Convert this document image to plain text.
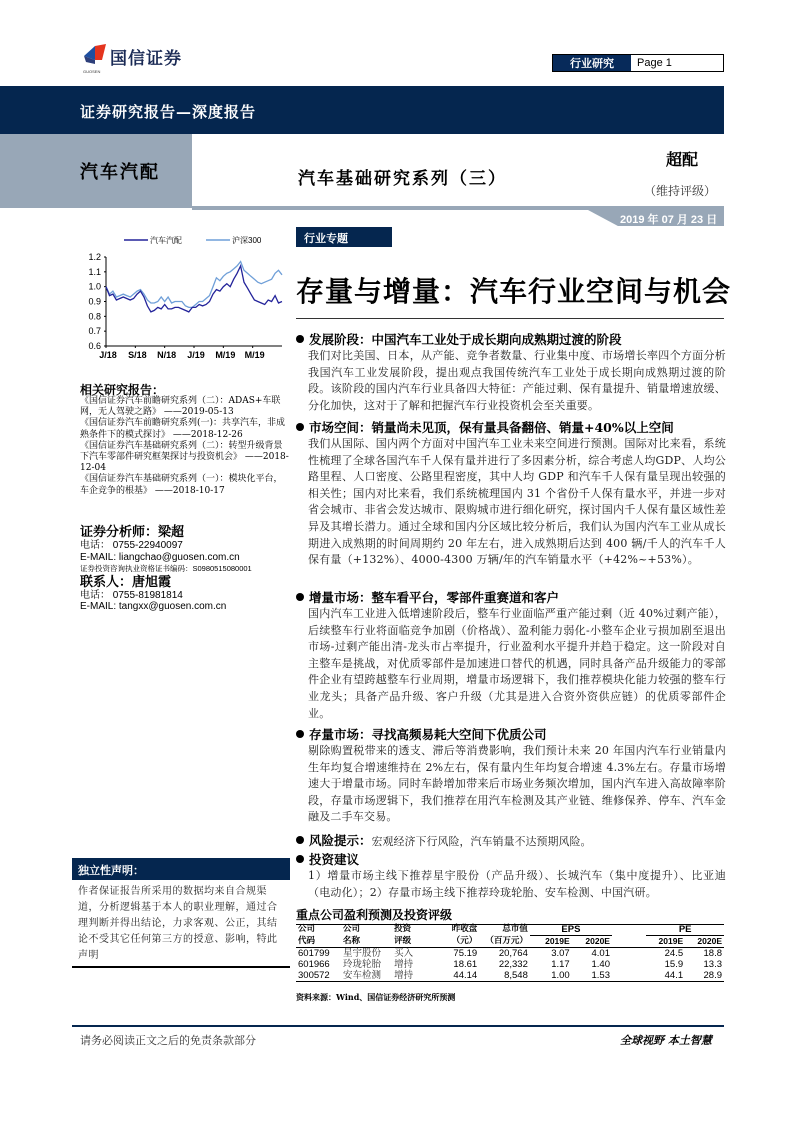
国信证券
GUOSEN
行业研究	Page 1
证券研究报告—深度报告
汽车汽配	汽车基础研究系列（三）
超配
（维持评级）
2019 年 07 月 23 日
1.2
1.1
1.0
0.9
0.8
0.7
0.6
J/18 S/18 N/18 J/19 M/19 M/19
汽车汽配	沪深300
相关研究报告：

《国信证券汽车前瞻研究系列（二）：ADAS+车联网，无人驾驶之路》 ——2019-05-13

《国信证券汽车前瞻研究系列(一)：共享汽车，非成熟条件下的模式探讨》 ——2018-12-26

《国信证券汽车基础研究系列（二）：转型升级背景下汽车零部件研究框架探讨与投资机会》 ——2018-12-04

《国信证券汽车基础研究系列（一）：模块化平台，车企竞争的根基》 ——2018-10-17

证券分析师：梁超
电话： 0755-22940097
E-MAIL: liangchao@guosen.com.cn
证券投资咨询执业资格证书编码：S0980515080001
联系人：唐旭霞
电话： 0755-81981814
E-MAIL: tangxx@guosen.com.cn
独立性声明：
作者保证报告所采用的数据均来自合规渠道，分析逻辑基于本人的职业理解，通过合理判断并得出结论，力求客观、公正，其结论不受其它任何第三方的授意、影响，特此声明
行业专题
存量与增量：汽车行业空间与机会
发展阶段：中国汽车工业处于成长期向成熟期过渡的阶段
我们对比美国、日本，从产能、竞争者数量、行业集中度、市场增长率四个方面分析我国汽车工业发展阶段，提出观点我国传统汽车工业处于成长期向成熟期过渡的阶段。该阶段的国内汽车行业具备四大特征：产能过剩、保有量提升、销量增速放缓、分化加快，这对于了解和把握汽车行业投资机会至关重要。
市场空间：销量尚未见顶，保有量具备翻倍、销量+40%以上空间
我们从国际、国内两个方面对中国汽车工业未来空间进行预测。国际对比来看，系统性梳理了全球各国汽车千人保有量并进行了多因素分析，综合考虑人均GDP、人均公路里程、人口密度、公路里程密度，其中人均 GDP 和汽车千人保有量呈现出较强的相关性；国内对比来看，我们系统梳理国内 31 个省份千人保有量水平，并进一步对省会城市、非省会发达城市、限购城市进行细化研究，探讨国内千人保有量区域性差异及其增长潜力。通过全球和国内分区域比较分析后，我们认为国内汽车工业从成长期进入成熟期的时间周期约 20 年左右，进入成熟期后达到 400 辆/千人的汽车千人保有量（+132%）、4000-4300 万辆/年的汽车销量水平（+42%~+53%）。
增量市场：整车看平台，零部件重赛道和客户
国内汽车工业进入低增速阶段后，整车行业面临严重产能过剩（近 40%过剩产能），后续整车行业将面临竞争加剧（价格战）、盈利能力弱化-小整车企业亏损加剧至退出市场-过剩产能出清-龙头市占率提升，行业盈利水平提升并趋于稳定。这一阶段对自主整车是挑战，对优质零部件是加速进口替代的机遇，同时具备产品升级能力的零部件企业有望跨越整车行业周期，增量市场逻辑下，我们推荐模块化能力较强的整车行业龙头；具备产品升级、客户升级（尤其是进入合资外资供应链）的优质零部件企业。
存量市场：寻找高频易耗大空间下优质公司
剔除购置税带来的透支、滞后等消费影响，我们预计未来 20 年国内汽车行业销量内生年均复合增速维持在 2%左右，保有量内生年均复合增速 4.3%左右。存量市场增速大于增量市场。同时车龄增加带来后市场业务频次增加，国内汽车进入高故障率阶段，存量市场逻辑下，我们推荐在用汽车检测及其产业链、维修保养、停车、汽车金融及二手车交易。
风险提示：宏观经济下行风险，汽车销量不达预期风险。
投资建议
1）增量市场主线下推荐星宇股份（产品升级）、长城汽车（集中度提升）、比亚迪（电动化）；2）存量市场主线下推荐玲珑轮胎、安车检测、中国汽研。
重点公司盈利预测及投资评级
公司	公司	投资	昨收盘	总市值	EPS			PE	
代码	名称	评级	（元）	（百万元）	2019E	2020E		2019E	2020E
601799	星宇股份	买入	75.19	20,764	3.07	4.01		24.5	18.8
601966	玲珑轮胎	增持	18.61	22,332	1.17	1.40		15.9	13.3
300572	安车检测	增持	44.14	8,548	1.00	1.53		44.1	28.9
资料来源：Wind、国信证券经济研究所预测
请务必阅读正文之后的免责条款部分	全球视野 本土智慧
